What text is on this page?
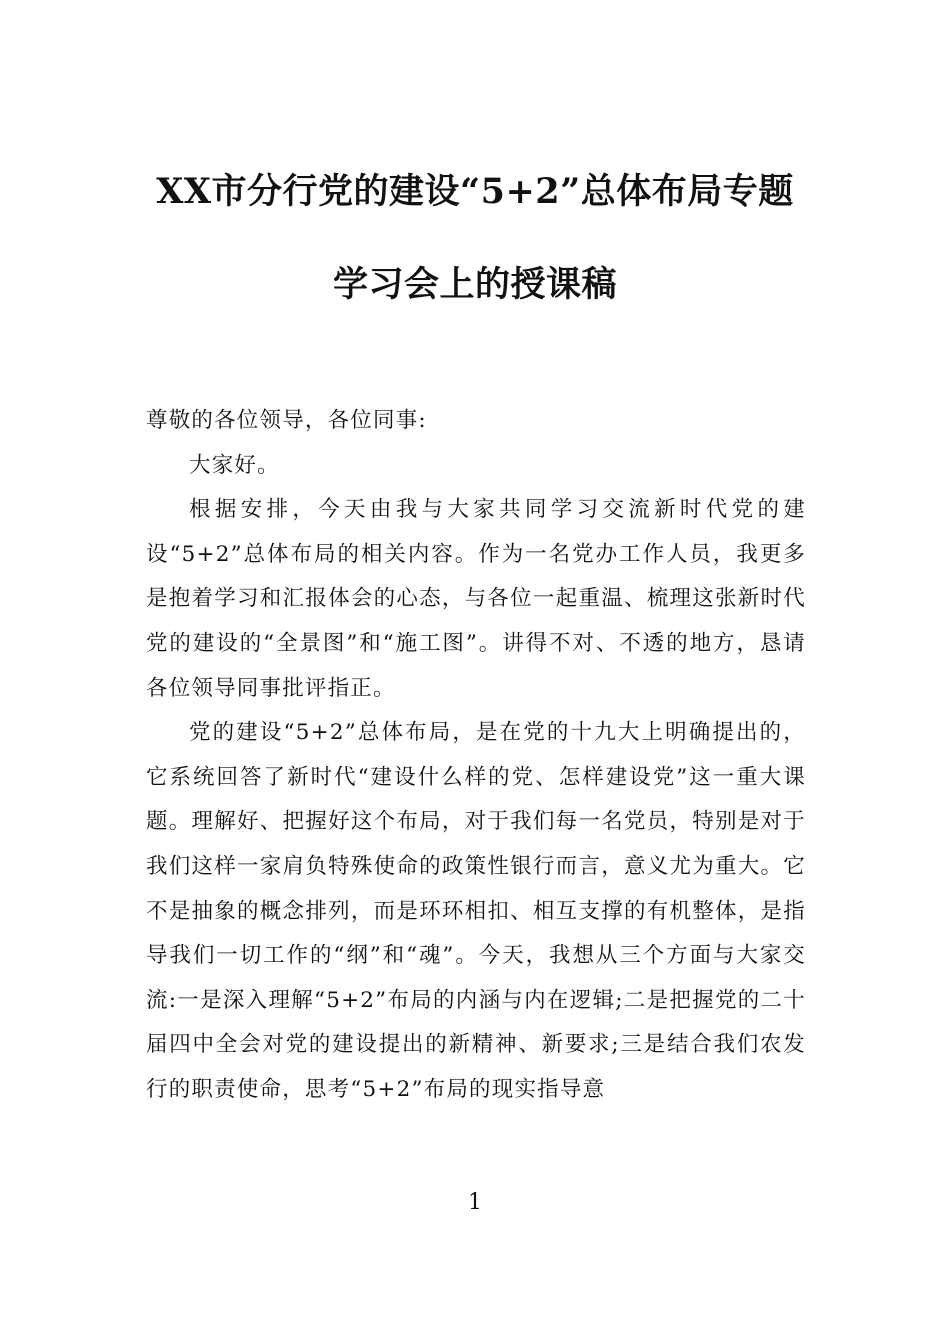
XX市分行党的建设“5+2”总体布局专题
学习会上的授课稿

尊敬的各位领导，各位同事:

大家好。

根据安排，今天由我与大家共同学习交流新时代党的建设“5+2”总体布局的相关内容。作为一名党办工作人员，我更多是抱着学习和汇报体会的心态，与各位一起重温、梳理这张新时代党的建设的“全景图”和“施工图”。讲得不对、不透的地方，恳请各位领导同事批评指正。

党的建设“5+2”总体布局，是在党的十九大上明确提出的，它系统回答了新时代“建设什么样的党、怎样建设党”这一重大课题。理解好、把握好这个布局，对于我们每一名党员，特别是对于我们这样一家肩负特殊使命的政策性银行而言，意义尤为重大。它不是抽象的概念排列，而是环环相扣、相互支撑的有机整体，是指导我们一切工作的“纲”和“魂”。今天，我想从三个方面与大家交流:一是深入理解“5+2”布局的内涵与内在逻辑;二是把握党的二十届四中全会对党的建设提出的新精神、新要求;三是结合我们农发行的职责使命，思考“5+2”布局的现实指导意

1
